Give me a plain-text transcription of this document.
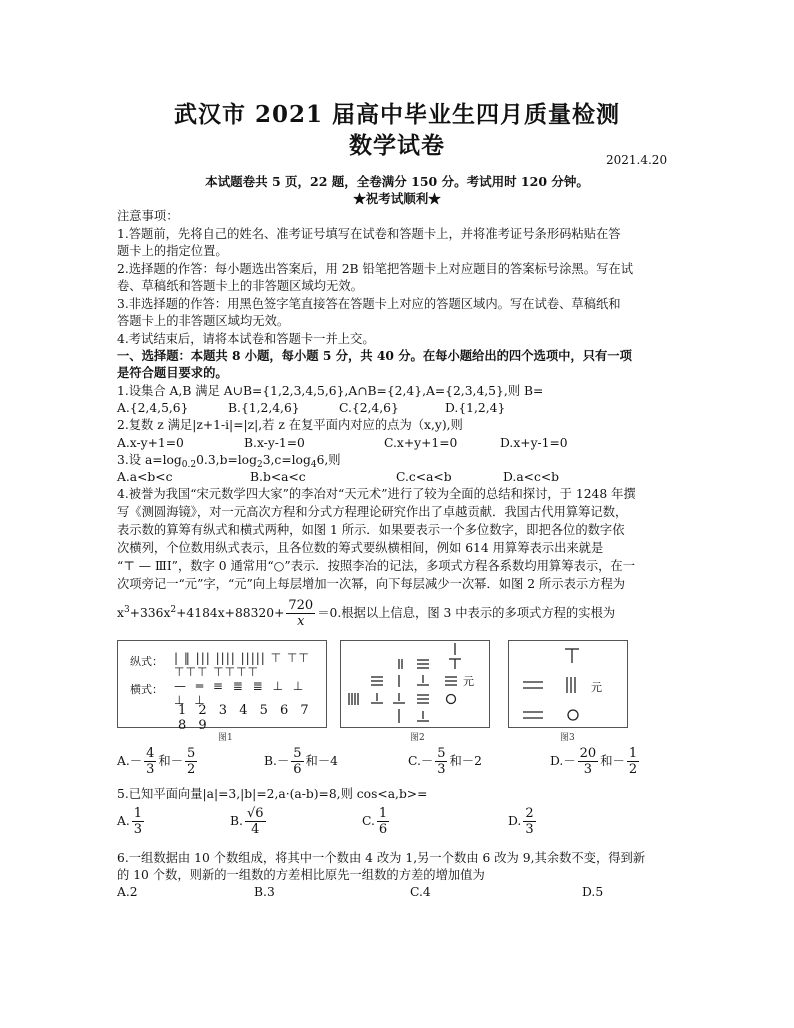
武汉市 2021 届高中毕业生四月质量检测
数学试卷
2021.4.20
本试题卷共 5 页，22 题，全卷满分 150 分。考试用时 120 分钟。
★祝考试顺利★
注意事项：
1.答题前，先将自己的姓名、准考证号填写在试卷和答题卡上，并将准考证号条形码粘贴在答
题卡上的指定位置。
2.选择题的作答：每小题选出答案后，用 2B 铅笔把答题卡上对应题目的答案标号涂黑。写在试
卷、草稿纸和答题卡上的非答题区域均无效。
3.非选择题的作答：用黑色签字笔直接答在答题卡上对应的答题区域内。写在试卷、草稿纸和
答题卡上的非答题区域均无效。
4.考试结束后，请将本试卷和答题卡一并上交。
一、选择题：本题共 8 小题，每小题 5 分，共 40 分。在每小题给出的四个选项中，只有一项
是符合题目要求的。
1.设集合 A,B 满足 A∪B={1,2,3,4,5,6},A∩B={2,4},A={2,3,4,5},则 B=
A.{2,4,5,6}	B.{1,2,4,6}	C.{2,4,6}	D.{1,2,4}
2.复数 z 满足|z+1-i|=|z|,若 z 在复平面内对应的点为（x,y),则
A.x-y+1=0	B.x-y-1=0	C.x+y+1=0	D.x+y-1=0
3.设 $a=\log_{0.2}0.3,b=\log_23,c=\log_46$,则
A.a<b<c	B.b<a<c	C.c<a<b	D.a<c<b
4.被誉为我国“宋元数学四大家”的李冶对“天元术”进行了较为全面的总结和探讨，于 1248 年撰
写《测圆海镜》，对一元高次方程和分式方程理论研究作出了卓越贡献．我国古代用算筹记数，
表示数的算筹有纵式和横式两种，如图 1 所示．如果要表示一个多位数字，即把各位的数字依
次横列，个位数用纵式表示，且各位数的筹式要纵横相间，例如 614 用算筹表示出来就是
“⊤ — ⅢI”，数字 0 通常用“○”表示．按照李冶的记法，多项式方程各系数均用算筹表示，在一
次项旁记一“元”字，“元”向上每层增加一次幂，向下每层减少一次幂．如图 2 所示表示方程为
$x^3+336x^2+4184x+88320+ \frac{720}{x} =0$.根据以上信息，图 3 中表示的多项式方程的实根为
纵式： | ‖ ||| |||| ||||| ⊤ ⊤⊤ ⊤⊤⊤ ⊤⊤⊤⊤
横式： — ═ ≡ ≣ ≣ ⊥ ⊥ ⊥ ⊥
1 2 3 4 5 6 7 8 9
图1
元
图2
元
图3
$A.- \frac{4}{3}$ 和－ $\frac{5}{2}$	$B.- \frac{5}{6}$ 和－4	$C.- \frac{5}{3}$ 和－2	$D.- \frac{20}{3}$ 和－ $\frac{1}{2}$
5.已知平面向量|a|=3,|b|=2,a·(a-b)=8,则 cos<a,b>=
A. $\frac{1}{3}$	B. $\frac{√6}{4}$	C. $\frac{1}{6}$	D. $\frac{2}{3}$
6.一组数据由 10 个数组成，将其中一个数由 4 改为 1,另一个数由 6 改为 9,其余数不变，得到新
的 10 个数，则新的一组数的方差相比原先一组数的方差的增加值为
A.2	B.3	C.4	D.5
